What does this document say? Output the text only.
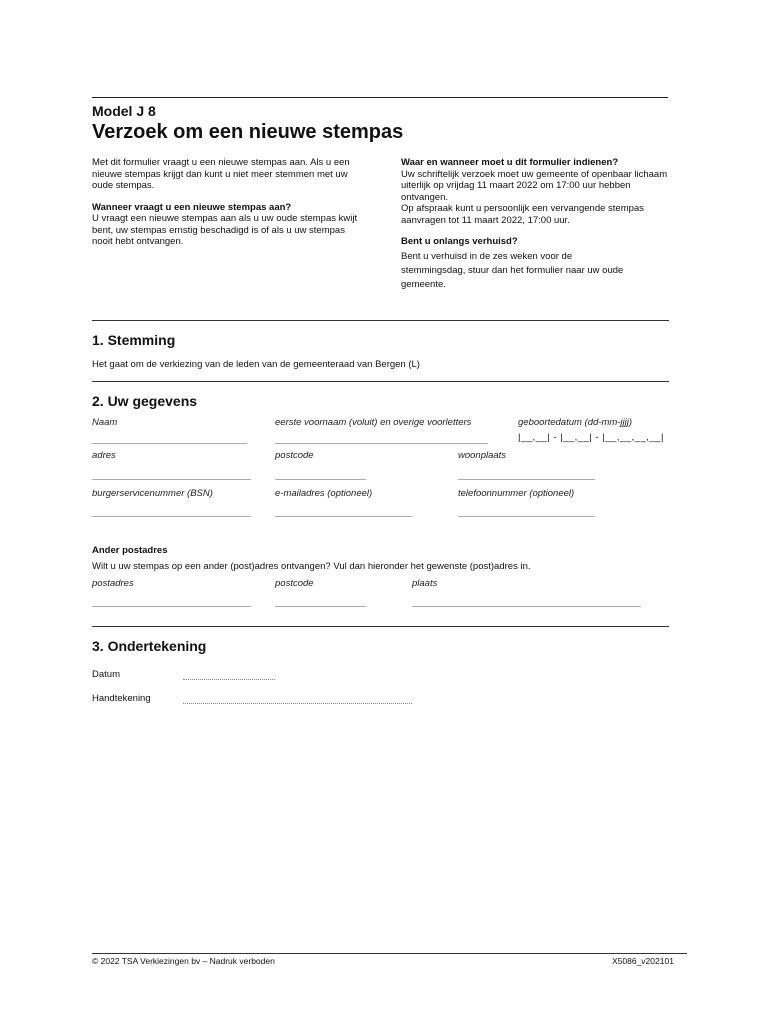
Model J 8
Verzoek om een nieuwe stempas

Met dit formulier vraagt u een nieuwe stempas aan. Als u een nieuwe stempas krijgt dan kunt u niet meer stemmen met uw oude stempas.

Wanneer vraagt u een nieuwe stempas aan?

U vraagt een nieuwe stempas aan als u uw oude stempas kwijt bent, uw stempas ernstig beschadigd is of als u uw stempas nooit hebt ontvangen.

Waar en wanneer moet u dit formulier indienen?

Uw schriftelijk verzoek moet uw gemeente of openbaar lichaam uiterlijk op vrijdag 11 maart 2022 om 17:00 uur hebben ontvangen.

Op afspraak kunt u persoonlijk een vervangende stempas aanvragen tot 11 maart 2022, 17:00 uur.

Bent u onlangs verhuisd?

Bent u verhuisd in de zes weken voor de stemmingsdag, stuur dan het formulier naar uw oude gemeente.

1. Stemming
Het gaat om de verkiezing van de leden van de gemeenteraad van Bergen (L)
2. Uw gegevens
Naam	eerste voornaam (voluit) en overige voorletters	geboortedatum (dd-mm-jjjj)
|__,__| - |__,__| - |__,__,__,__|
adres	postcode	woonplaats
burgerservicenummer (BSN)	e-mailadres (optioneel)	telefoonnummer (optioneel)
Ander postadres
Wilt u uw stempas op een ander (post)adres ontvangen? Vul dan hieronder het gewenste (post)adres in.
postadres	postcode	plaats
3. Ondertekening
Datum
Handtekening
© 2022 TSA Verkiezingen bv – Nadruk verboden	X5086_v202101
